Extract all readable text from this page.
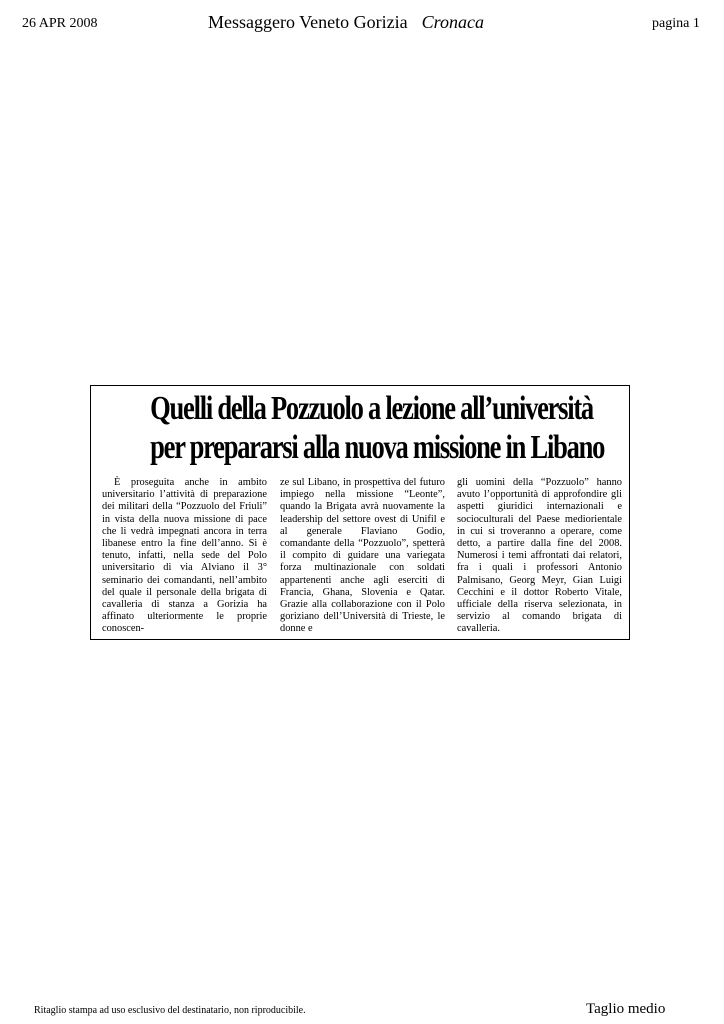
26 APR 2008	Messaggero Veneto Gorizia Cronaca	pagina 1
Quelli della Pozzuolo a lezione all’università
per prepararsi alla nuova missione in Libano
È proseguita anche in ambito universitario l’attività di preparazione dei militari della “Pozzuolo del Friuli” in vista della nuova missione di pace che li vedrà impegnati ancora in terra libanese entro la fine dell’anno. Si è tenuto, infatti, nella sede del Polo universitario di via Alviano il 3° seminario dei comandanti, nell’ambito del quale il personale della brigata di cavalleria di stanza a Gorizia ha affinato ulteriormente le proprie conoscen-
ze sul Libano, in prospettiva del futuro impiego nella missione “Leonte”, quando la Brigata avrà nuovamente la leadership del settore ovest di Unifil e al generale Flaviano Godio, comandante della “Pozzuolo”, spetterà il compito di guidare una variegata forza multinazionale con soldati appartenenti anche agli eserciti di Francia, Ghana, Slovenia e Qatar. Grazie alla collaborazione con il Polo goriziano dell’Università di Trieste, le donne e
gli uomini della “Pozzuolo” hanno avuto l’opportunità di approfondire gli aspetti giuridici internazionali e socioculturali del Paese mediorientale in cui si troveranno a operare, come detto, a partire dalla fine del 2008. Numerosi i temi affrontati dai relatori, fra i quali i professori Antonio Palmisano, Georg Meyr, Gian Luigi Cecchini e il dottor Roberto Vitale, ufficiale della riserva selezionata, in servizio al comando brigata di cavalleria.
Ritaglio stampa ad uso esclusivo del destinatario, non riproducibile.	Taglio medio
